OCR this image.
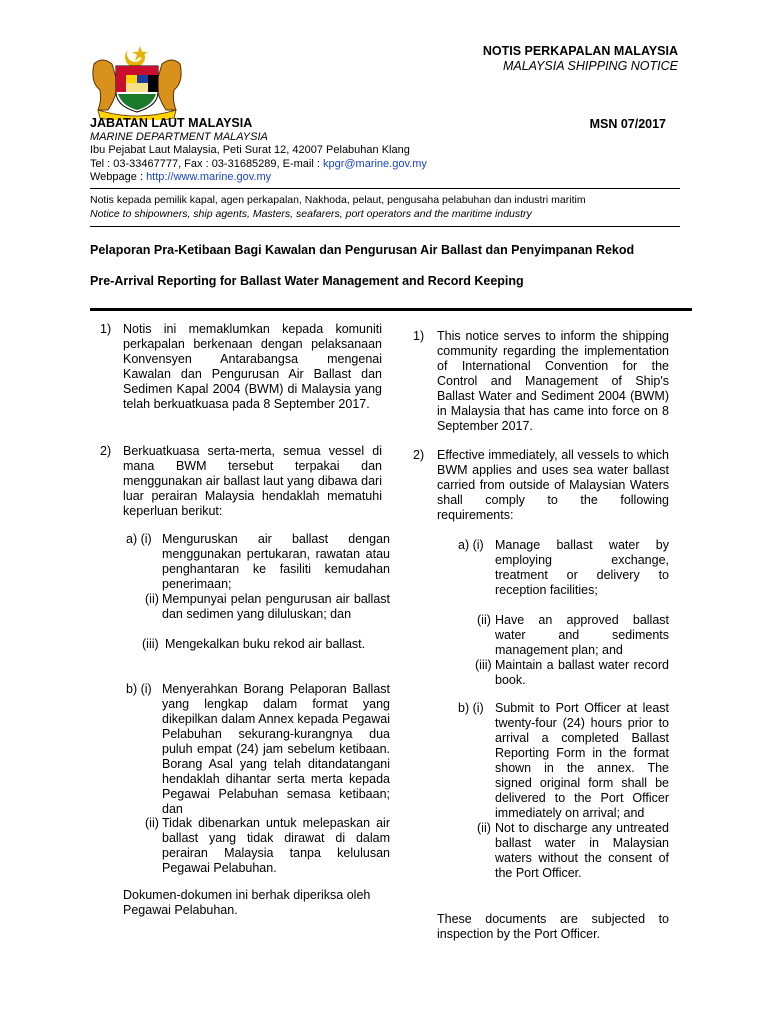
NOTIS PERKAPALAN MALAYSIA
MALAYSIA SHIPPING NOTICE
JABATAN LAUT MALAYSIA
MARINE DEPARTMENT MALAYSIA
Ibu Pejabat Laut Malaysia, Peti Surat 12, 42007 Pelabuhan Klang
Tel : 03-33467777, Fax : 03-31685289, E-mail : kpgr@marine.gov.my
Webpage : http://www.marine.gov.my
MSN 07/2017
Notis kepada pemilik kapal, agen perkapalan, Nakhoda, pelaut, pengusaha pelabuhan dan industri maritim
Notice to shipowners, ship agents, Masters, seafarers, port operators and the maritime industry
Pelaporan Pra-Ketibaan Bagi Kawalan dan Pengurusan Air Ballast dan Penyimpanan Rekod
Pre-Arrival Reporting for Ballast Water Management and Record Keeping
1) Notis ini memaklumkan kepada komuniti perkapalan berkenaan dengan pelaksanaan Konvensyen Antarabangsa mengenai Kawalan dan Pengurusan Air Ballast dan Sedimen Kapal 2004 (BWM) di Malaysia yang telah berkuatkuasa pada 8 September 2017.

2) Berkuatkuasa serta-merta, semua vessel di mana BWM tersebut terpakai dan menggunakan air ballast laut yang dibawa dari luar perairan Malaysia hendaklah mematuhi keperluan berikut:

a) (i) Menguruskan air ballast dengan menggunakan pertukaran, rawatan atau penghantaran ke fasiliti kemudahan penerimaan;

(ii) Mempunyai pelan pengurusan air ballast dan sedimen yang diluluskan; dan

(iii) Mengekalkan buku rekod air ballast.

b) (i) Menyerahkan Borang Pelaporan Ballast yang lengkap dalam format yang dikepilkan dalam Annex kepada Pegawai Pelabuhan sekurang-kurangnya dua puluh empat (24) jam sebelum ketibaan. Borang Asal yang telah ditandatangani hendaklah dihantar serta merta kepada Pegawai Pelabuhan semasa ketibaan; dan

(ii) Tidak dibenarkan untuk melepaskan air ballast yang tidak dirawat di dalam perairan Malaysia tanpa kelulusan Pegawai Pelabuhan.

Dokumen-dokumen ini berhak diperiksa oleh Pegawai Pelabuhan.

1) This notice serves to inform the shipping community regarding the implementation of International Convention for the Control and Management of Ship's Ballast Water and Sediment 2004 (BWM) in Malaysia that has came into force on 8 September 2017.

2) Effective immediately, all vessels to which BWM applies and uses sea water ballast carried from outside of Malaysian Waters shall comply to the following requirements:

a) (i) Manage ballast water by employing exchange, treatment or delivery to reception facilities;

(ii) Have an approved ballast water and sediments management plan; and

(iii) Maintain a ballast water record book.

b) (i) Submit to Port Officer at least twenty-four (24) hours prior to arrival a completed Ballast Reporting Form in the format shown in the annex. The signed original form shall be delivered to the Port Officer immediately on arrival; and

(ii) Not to discharge any untreated ballast water in Malaysian waters without the consent of the Port Officer.

These documents are subjected to inspection by the Port Officer.
